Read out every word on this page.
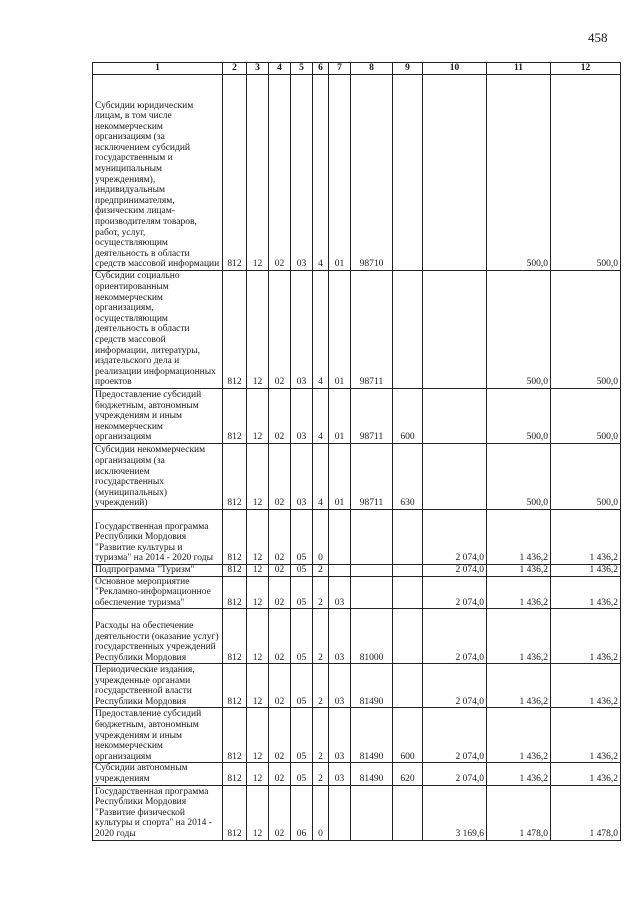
458
1	2	3	4	5	6	7	8	9	10	11	12
Субсидии юридическим лицам, в том числе некоммерческим организациям (за исключением субсидий государственным и муниципальным учреждениям), индивидуальным предпринимателям, физическим лицам-производителям товаров, работ, услуг, осуществляющим деятельность в области средств массовой информации	812	12	02	03	4	01	98710			500,0	500,0
Субсидии социально ориентированным некоммерческим организациям, осуществляющим деятельность в области средств массовой информации, литературы, издательского дела и реализации информационных проектов	812	12	02	03	4	01	98711			500,0	500,0
Предоставление субсидий бюджетным, автономным учреждениям и иным некоммерческим организациям	812	12	02	03	4	01	98711	600		500,0	500,0
Субсидии некоммерческим организациям (за исключением государственных (муниципальных) учреждений)	812	12	02	03	4	01	98711	630		500,0	500,0
Государственная программа Республики Мордовия "Развитие культуры и туризма" на 2014 - 2020 годы	812	12	02	05	0				2 074,0	1 436,2	1 436,2
Подпрограмма "Туризм"	812	12	02	05	2				2 074,0	1 436,2	1 436,2
Основное мероприятие "Рекламно-информационное обеспечение туризма"	812	12	02	05	2	03			2 074,0	1 436,2	1 436,2
Расходы на обеспечение деятельности (оказание услуг) государственных учреждений Республики Мордовия	812	12	02	05	2	03	81000		2 074,0	1 436,2	1 436,2
Периодические издания, учрежденные органами государственной власти Республики Мордовия	812	12	02	05	2	03	81490		2 074,0	1 436,2	1 436,2
Предоставление субсидий бюджетным, автономным учреждениям и иным некоммерческим организациям	812	12	02	05	2	03	81490	600	2 074,0	1 436,2	1 436,2
Субсидии автономным учреждениям	812	12	02	05	2	03	81490	620	2 074,0	1 436,2	1 436,2
Государственная программа Республики Мордовия "Развитие физической культуры и спорта" на 2014 - 2020 годы	812	12	02	06	0				3 169,6	1 478,0	1 478,0
